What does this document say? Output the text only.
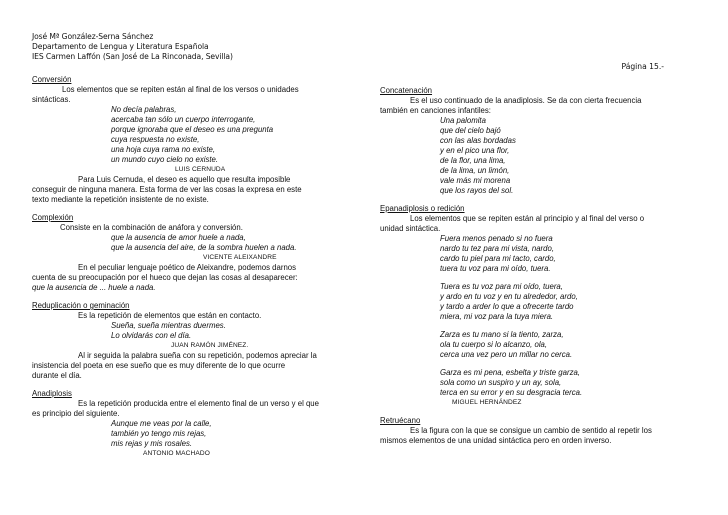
José Mª González-Serna Sánchez
Departamento de Lengua y Literatura Española
IES Carmen Laffón (San José de La Rinconada, Sevilla)
Página 15.-

Conversión

Los elementos que se repiten están al final de los versos o unidades

sintácticas.

No decía palabras,

acercaba tan sólo un cuerpo interrogante,

porque ignoraba que el deseo es una pregunta

cuya respuesta no existe,

una hoja cuya rama no existe,

un mundo cuyo cielo no existe.

LUIS CERNUDA

Para Luis Cernuda, el deseo es aquello que resulta imposible

conseguir de ninguna manera. Esta forma de ver las cosas la expresa en este

texto mediante la repetición insistente de no existe.

Complexión

Consiste en la combinación de anáfora y conversión.

que la ausencia de amor huele a nada,

que la ausencia del aire, de la sombra huelen a nada.

VICENTE ALEIXANDRE

En el peculiar lenguaje poético de Aleixandre, podemos darnos

cuenta de su preocupación por el hueco que dejan las cosas al desaparecer:

que la ausencia de ... huele a nada.

Reduplicación o geminación

Es la repetición de elementos que están en contacto.

Sueña, sueña mientras duermes.

Lo olvidarás con el día.

JUAN RAMÓN JIMÉNEZ.

Al ir seguida la palabra sueña con su repetición, podemos apreciar la

insistencia del poeta en ese sueño que es muy diferente de lo que ocurre

durante el día.

Anadiplosis

Es la repetición producida entre el elemento final de un verso y el que

es principio del siguiente.

Aunque me veas por la calle,

también yo tengo mis rejas,

mis rejas y mis rosales.

ANTONIO MACHADO

Concatenación

Es el uso continuado de la anadiplosis. Se da con cierta frecuencia

también en canciones infantiles:

Una palomita

que del cielo bajó

con las alas bordadas

y en el pico una flor,

de la flor, una lima,

de la lima, un limón,

vale más mi morena

que los rayos del sol.

Epanadiplosis o redición

Los elementos que se repiten están al principio y al final del verso o

unidad sintáctica.

Fuera menos penado si no fuera

nardo tu tez para mi vista, nardo,

cardo tu piel para mi tacto, cardo,

tuera tu voz para mi oído, tuera.

Tuera es tu voz para mi oído, tuera,

y ardo en tu voz y en tu alrededor, ardo,

y tardo a arder lo que a ofrecerte tardo

miera, mi voz para la tuya miera.

Zarza es tu mano si la tiento, zarza,

ola tu cuerpo si lo alcanzo, ola,

cerca una vez pero un millar no cerca.

Garza es mi pena, esbelta y triste garza,

sola como un suspiro y un ay, sola,

terca en su error y en su desgracia terca.

MIGUEL HERNÁNDEZ

Retruécano

Es la figura con la que se consigue un cambio de sentido al repetir los

mismos elementos de una unidad sintáctica pero en orden inverso.
